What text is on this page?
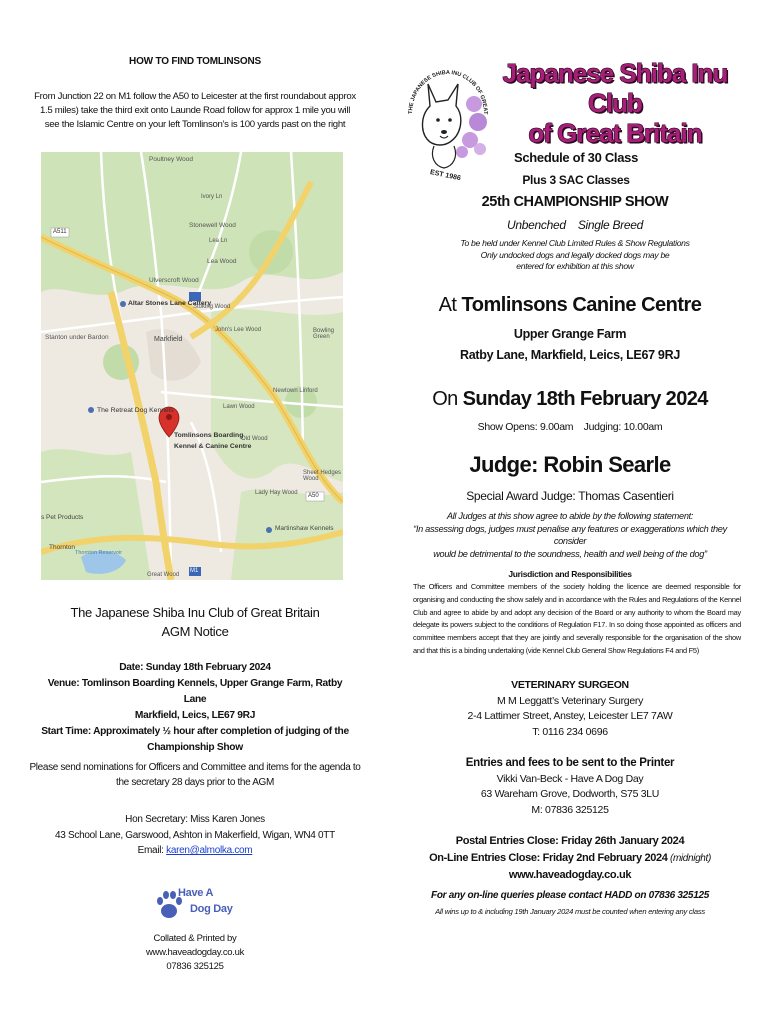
HOW TO FIND TOMLINSONS
From Junction 22 on M1 follow the A50 to Leicester at the first roundabout approx 1.5 miles) take the third exit onto Launde Road follow for approx 1 mile you will see the Islamic Centre on your left Tomlinson’s is 100 yards past on the right
Poultney Wood
Ivory Ln
Stonewell Wood
Lea Ln
Lea Wood
Ulverscroft Wood
Altar Stones Lane Cattery
Stoking Wood
Stanton under Bardon
John's Lee Wood	Bowling Green
Markfield
Newtown Linford
The Retreat Dog Kennels	Lawn Wood
Tomlinsons Boarding
Kennel & Canine Centre
Old Wood
Sheet Hedges Wood
Lady Hay Wood
s Pet Products
Martinshaw Kennels
Thornton
Thornton Reservoir
Great Wood
A511
A50
M1
The Japanese Shiba Inu Club of Great Britain
AGM Notice
Date: Sunday 18th February 2024
Venue: Tomlinson Boarding Kennels, Upper Grange Farm, Ratby Lane
Markfield, Leics, LE67 9RJ
Start Time: Approximately ½ hour after completion of judging of the
Championship Show
Please send nominations for Officers and Committee and items for the agenda to the secretary 28 days prior to the AGM
Hon Secretary: Miss Karen Jones
43 School Lane, Garswood, Ashton in Makerfield, Wigan, WN4 0TT
Email: karen@almolka.com
Have A
Dog Day
Collated & Printed by
www.haveadogday.co.uk
07836 325125
THE JAPANESE SHIBA INU CLUB OF GREAT
EST 1986
Japanese Shiba Inu Club
of Great Britain
Schedule of 30 Class
Plus 3 SAC Classes
25th CHAMPIONSHIP SHOW
Unbenched    Single Breed
To be held under Kennel Club Limited Rules & Show Regulations
Only undocked dogs and legally docked dogs may be
entered for exhibition at this show
At Tomlinsons Canine Centre
Upper Grange Farm
Ratby Lane, Markfield, Leics, LE67 9RJ
On Sunday 18th February 2024
Show Opens: 9.00am    Judging: 10.00am
Judge: Robin Searle
Special Award Judge: Thomas Casentieri
All Judges at this show agree to abide by the following statement:
“In assessing dogs, judges must penalise any features or exaggerations which they consider
would be detrimental to the soundness, health and well being of the dog”
Jurisdiction and Responsibilities
The Officers and Committee members of the society holding the licence are deemed responsible for organising and conducting the show safely and in accordance with the Rules and Regulations of the Kennel Club and agree to abide by and adopt any decision of the Board or any authority to whom the Board may delegate its powers subject to the conditions of Regulation F17. In so doing those appointed as officers and committee members accept that they are jointly and severally responsible for the organisation of the show and that this is a binding undertaking (vide Kennel Club General Show Regulations F4 and F5)
VETERINARY SURGEON
M M Leggatt’s Veterinary Surgery
2-4 Lattimer Street, Anstey, Leicester LE7 7AW
T: 0116 234 0696
Entries and fees to be sent to the Printer
Vikki Van-Beck - Have A Dog Day
63 Wareham Grove, Dodworth, S75 3LU
M: 07836 325125
Postal Entries Close: Friday 26th January 2024
On-Line Entries Close: Friday 2nd February 2024 (midnight)
www.haveadogday.co.uk
For any on-line queries please contact HADD on 07836 325125
All wins up to & including 19th January 2024 must be counted when entering any class
